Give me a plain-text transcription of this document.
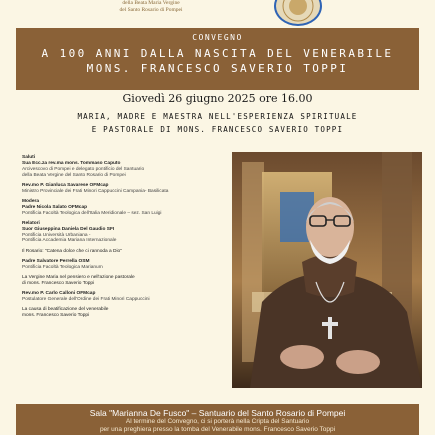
della Beata Maria Vergine
del Santo Rosario di Pompei
CONVEGNO
A 100 ANNI DALLA NASCITA DEL VENERABILE
MONS. FRANCESCO SAVERIO TOPPI
Giovedì 26 giugno 2025 ore 16.00
MARIA, MADRE E MAESTRA NELL'ESPERIENZA SPIRITUALE
E PASTORALE DI MONS. FRANCESCO SAVERIO TOPPI
Saluti
Sua Ecc.za rev.ma mons. Tommaso Caputo
Arcivescovo di Pompei e delegato pontificio del Santuario
della Beata Vergine del Santo Rosario di Pompei
Rev.mo P. Gianluca Savarese OFMcap
Ministro Provinciale dei Frati Minori Cappuccini Campania- Basilicata
Modera
Padre Nicola Salato OFMcap
Pontificia Facoltà Teologica dell'Italia Meridionale – sez. San Luigi
Relatori
Suor Giuseppina Daniela Del Gaudio SFI
Pontificia Università Urbaniana -
Pontificia Accademia Mariana Internazionale
Il Rosario: "Catena dolce che ci rannoda a Dio"
Padre Salvatore Perrella OSM
Pontificia Facoltà Teologica Marianum
La Vergine Maria nel pensiero e nell'azione pastorale
di mons. Francesco Saverio Toppi
Rev.mo P. Carlo Calloni OFMcap
Postulatore Generale dell'Ordine dei Frati Minori Cappuccini
La causa di beatificazione del venerabile
mons. Francesco Saverio Toppi
Sala "Marianna De Fusco" – Santuario del Santo Rosario di Pompei
Al termine del Convegno, ci si porterà nella Cripta del Santuario
per una preghiera presso la tomba del Venerabile mons. Francesco Saverio Toppi
